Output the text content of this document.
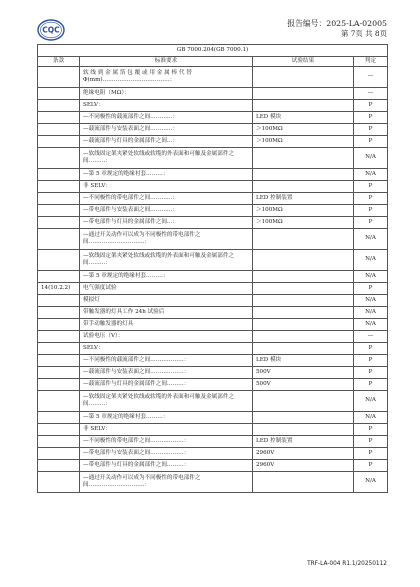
CQC
报告编号：2025-LA-02005
第 7页 共 8页
GB 7000.204(GB 7000.1)			
条款	标准要求	试验结果	判定
	软 线 到 金 属 箔 包 覆 或 用 金 属 棒 代 替 Φ(mm)………………………………：		—
	绝缘电阻（MΩ）：		—
	SELV：		P
	—不同极性的载流部件之间…………：	LED 模块	P
	—载流部件与安装表面之间…………：	＞100MΩ	P
	—载流部件与灯具的金属部件之间…：	＞100MΩ	P
	—软线固定架夹紧处软线或软缆的外表面和可触及金属部件之间………：		N/A
	—第 5 章规定的绝缘衬套………：		N/A
	非 SELV：		P
	—不同极性的带电部件之间…………：	LED 控制装置	P
	—带电部件与安装表面之间…………：	＞100MΩ	P
	—带电部件与灯具的金属部件之间…：	＞100MΩ	P
	—通过开关动作可以成为不同极性的带电部件之间…………………………：		N/A
	—软线固定架夹紧处软线或软缆的外表面和可触及金属部件之间………：		N/A
	—第 5 章规定的绝缘衬套………：		N/A
14(10.2.2)	电气强度试验		P
	模拟灯		N/A
	带触发器的灯具工作 24h 试验后		N/A
	带手动触发器的灯具		N/A
	试验电压（V）：		—
	SELV：		P
	—不同极性的载流部件之间………………：	LED 模块	P
	—载流部件与安装表面之间………………：	500V	P
	—载流部件与灯具的金属部件之间………：	500V	P
	—软线固定架夹紧处软线或软缆的外表面和可触及金属部件之间………：		N/A
	—第 5 章规定的绝缘衬套………：		N/A
	非 SELV：		P
	—不同极性的带电部件之间………………：	LED 控制装置	P
	—带电部件与安装表面之间………………：	2960V	P
	—带电部件与灯具的金属部件之间………：	2960V	P
	—通过开关动作可以成为不同极性的带电部件之间…………………………：		N/A
TRF-LA-004 R1.1/20250112
